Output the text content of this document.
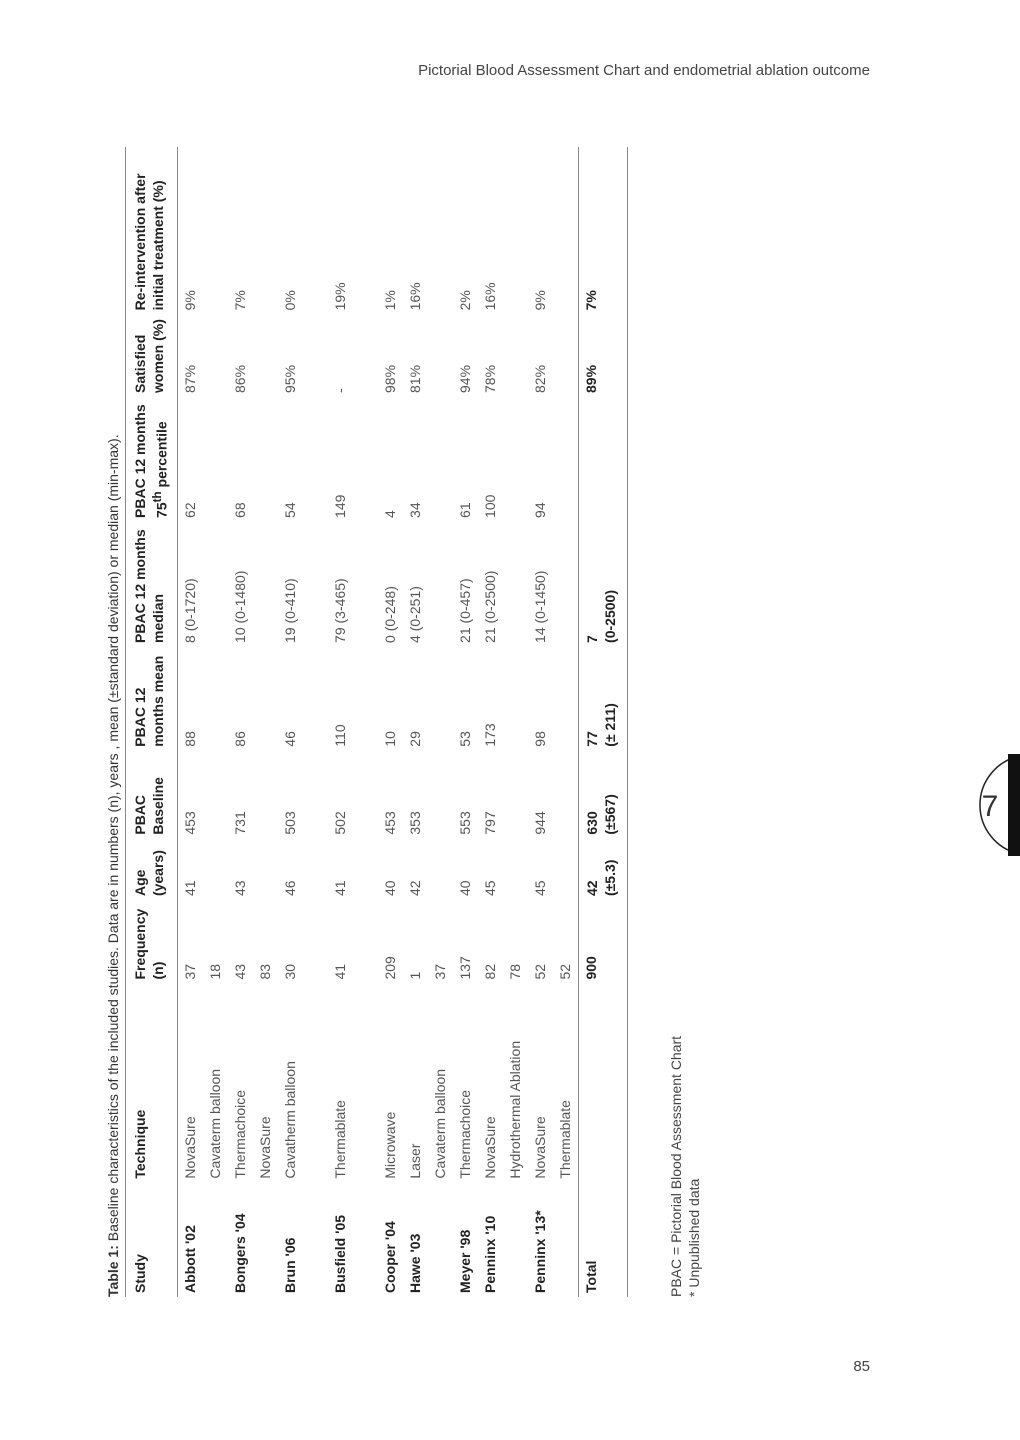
Pictorial Blood Assessment Chart and endometrial ablation outcome
7
Table 1: Baseline characteristics of the included studies. Data are in numbers (n), years , mean (±standard deviation) or median (min-max).
Study	Technique	Frequency (n)	Age (years)	PBAC Baseline	PBAC 12 months mean	PBAC 12 months median	PBAC 12 months 75th percentile	Satisfied women (%)	Re-intervention after initial treatment (%)
Abbott '02	NovaSure	37	41	453	88	8 (0-1720)	62	87%	9%
	Cavaterm balloon	18							
Bongers '04	Thermachoice	43	43	731	86	10 (0-1480)	68	86%	7%
	NovaSure	83							
Brun '06	Cavatherm balloon	30	46	503	46	19 (0-410)	54	95%	0%

Busfield '05	Thermablate	41	41	502	110	79 (3-465)	149	-	19%

Cooper '04	Microwave	209	40	453	10	0 (0-248)	4	98%	1%
Hawe '03	Laser	1	42	353	29	4 (0-251)	34	81%	16%
	Cavaterm balloon	37							
Meyer '98	Thermachoice	137	40	553	53	21 (0-457)	61	94%	2%
Penninx '10	NovaSure	82	45	797	173	21 (0-2500)	100	78%	16%
	Hydrothermal Ablation	78							
Penninx '13*	NovaSure	52	45	944	98	14 (0-1450)	94	82%	9%
	Thermablate	52							
Total		900	42 (±5.3)	630 (±567)	77 (± 211)	7 (0-2500)		89%	7%
PBAC = Pictorial Blood Assessment Chart * Unpublished data
85
